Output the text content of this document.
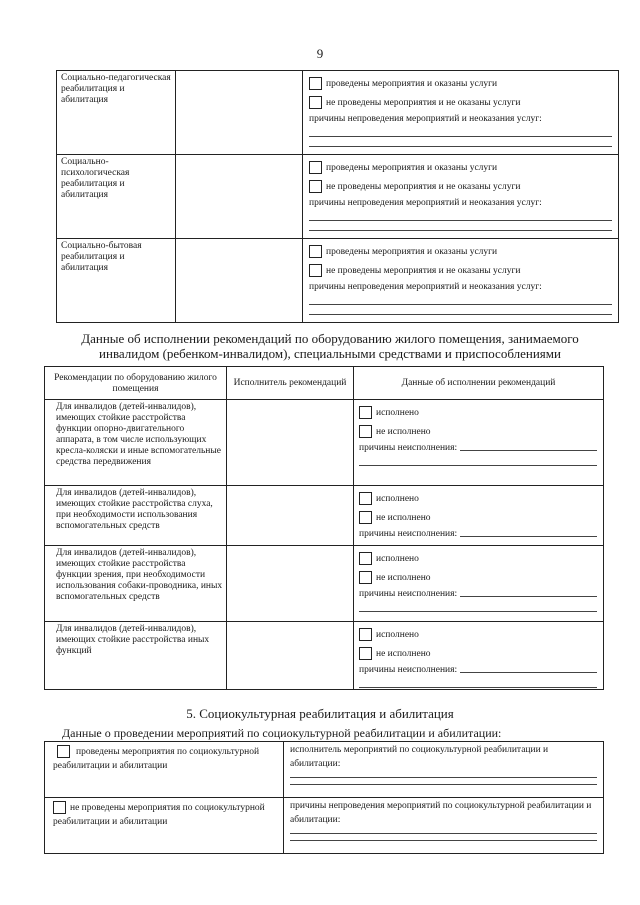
9
Социально-педагогическая реабилитация и абилитация		проведены мероприятия и оказаны услуги
не проведены мероприятия и не оказаны услуги
причины непроведения мероприятий и неоказания услуг:

Социально-психологическая реабилитация и абилитация		проведены мероприятия и оказаны услуги
не проведены мероприятия и не оказаны услуги
причины непроведения мероприятий и неоказания услуг:

Социально-бытовая реабилитация и абилитация		проведены мероприятия и оказаны услуги
не проведены мероприятия и не оказаны услуги
причины непроведения мероприятий и неоказания услуг:
Данные об исполнении рекомендаций по оборудованию жилого помещения, занимаемого инвалидом (ребенком-инвалидом), специальными средствами и приспособлениями
Рекомендации по оборудованию жилого помещения	Исполнитель рекомендаций	Данные об исполнении рекомендаций
Для инвалидов (детей-инвалидов), имеющих стойкие расстройства функции опорно-двигательного аппарата, в том числе использующих кресла-коляски и иные вспомогательные средства передвижения		исполнено
не исполнено
причины неисполнения:

Для инвалидов (детей-инвалидов), имеющих стойкие расстройства слуха, при необходимости использования вспомогательных средств		исполнено
не исполнено
причины неисполнения:

Для инвалидов (детей-инвалидов), имеющих стойкие расстройства функции зрения, при необходимости использования собаки-проводника, иных вспомогательных средств		исполнено
не исполнено
причины неисполнения:

Для инвалидов (детей-инвалидов), имеющих стойкие расстройства иных функций		исполнено
не исполнено
причины неисполнения:
5. Социокультурная реабилитация и абилитация
Данные о проведении мероприятий по социокультурной реабилитации и абилитации:
проведены мероприятия по социокультурной реабилитации и абилитации	исполнитель мероприятий по социокультурной реабилитации и абилитации:

не проведены мероприятия по социокультурной реабилитации и абилитации	причины непроведения мероприятий по социокультурной реабилитации и абилитации:
